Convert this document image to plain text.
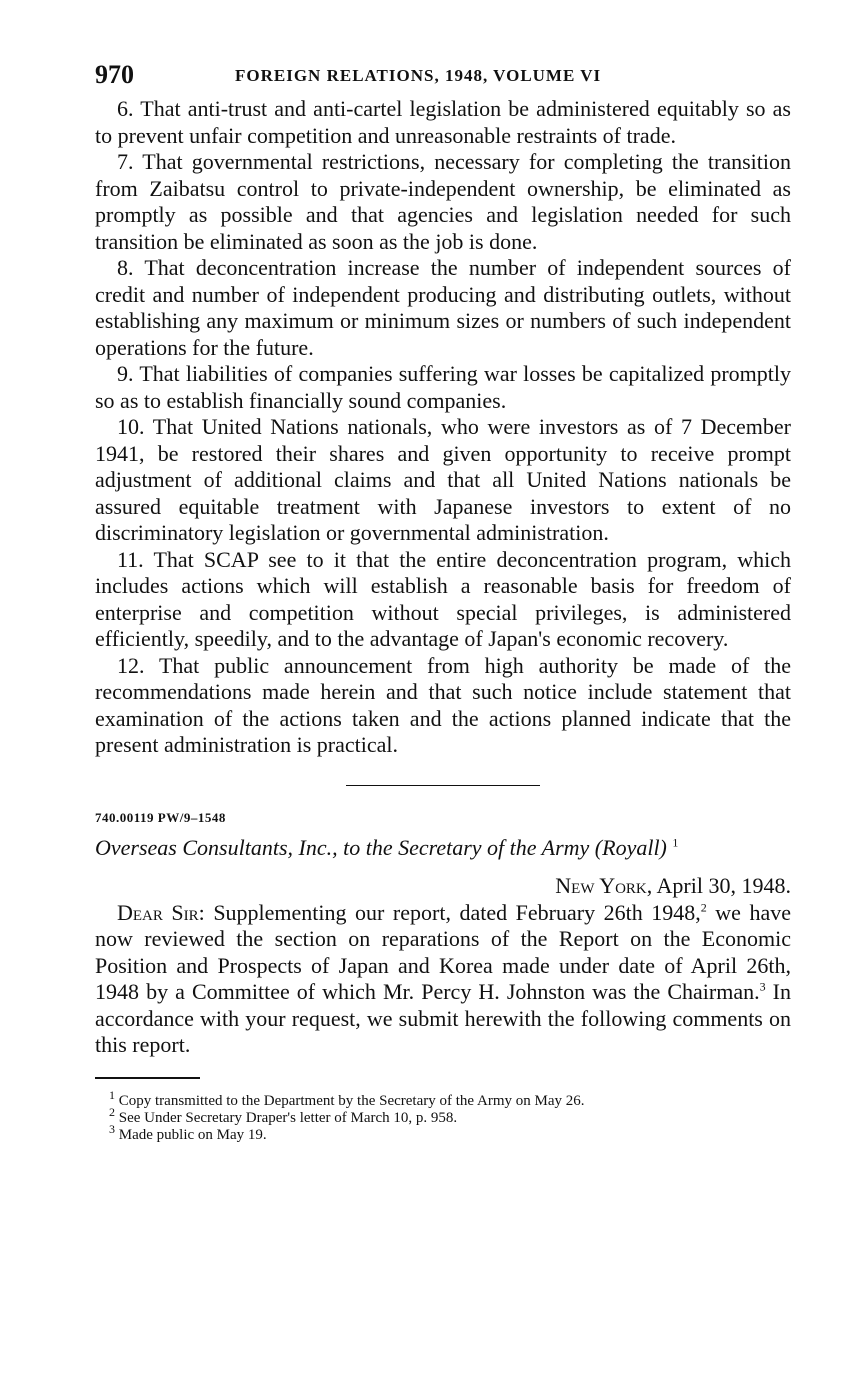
970	FOREIGN RELATIONS, 1948, VOLUME VI

6. That anti-trust and anti-cartel legislation be administered equitably so as to prevent unfair competition and unreasonable restraints of trade.

7. That governmental restrictions, necessary for completing the transition from Zaibatsu control to private-independent ownership, be eliminated as promptly as possible and that agencies and legislation needed for such transition be eliminated as soon as the job is done.

8. That deconcentration increase the number of independent sources of credit and number of independent producing and distributing outlets, without establishing any maximum or minimum sizes or numbers of such independent operations for the future.

9. That liabilities of companies suffering war losses be capitalized promptly so as to establish financially sound companies.

10. That United Nations nationals, who were investors as of 7 December 1941, be restored their shares and given opportunity to receive prompt adjustment of additional claims and that all United Nations nationals be assured equitable treatment with Japanese investors to extent of no discriminatory legislation or governmental administration.

11. That SCAP see to it that the entire deconcentration program, which includes actions which will establish a reasonable basis for freedom of enterprise and competition without special privileges, is administered efficiently, speedily, and to the advantage of Japan's economic recovery.

12. That public announcement from high authority be made of the recommendations made herein and that such notice include statement that examination of the actions taken and the actions planned indicate that the present administration is practical.

740.00119 PW/9–1548

Overseas Consultants, Inc., to the Secretary of the Army (Royall) $^1$

New York, April 30, 1948.

Dear Sir: Supplementing our report, dated February 26th 1948,$^2$ we have now reviewed the section on reparations of the Report on the Economic Position and Prospects of Japan and Korea made under date of April 26th, 1948 by a Committee of which Mr. Percy H. Johnston was the Chairman.$^3$ In accordance with your request, we submit herewith the following comments on this report.

$^1$ Copy transmitted to the Department by the Secretary of the Army on May 26.

$^2$ See Under Secretary Draper's letter of March 10, p. 958.

$^3$ Made public on May 19.
